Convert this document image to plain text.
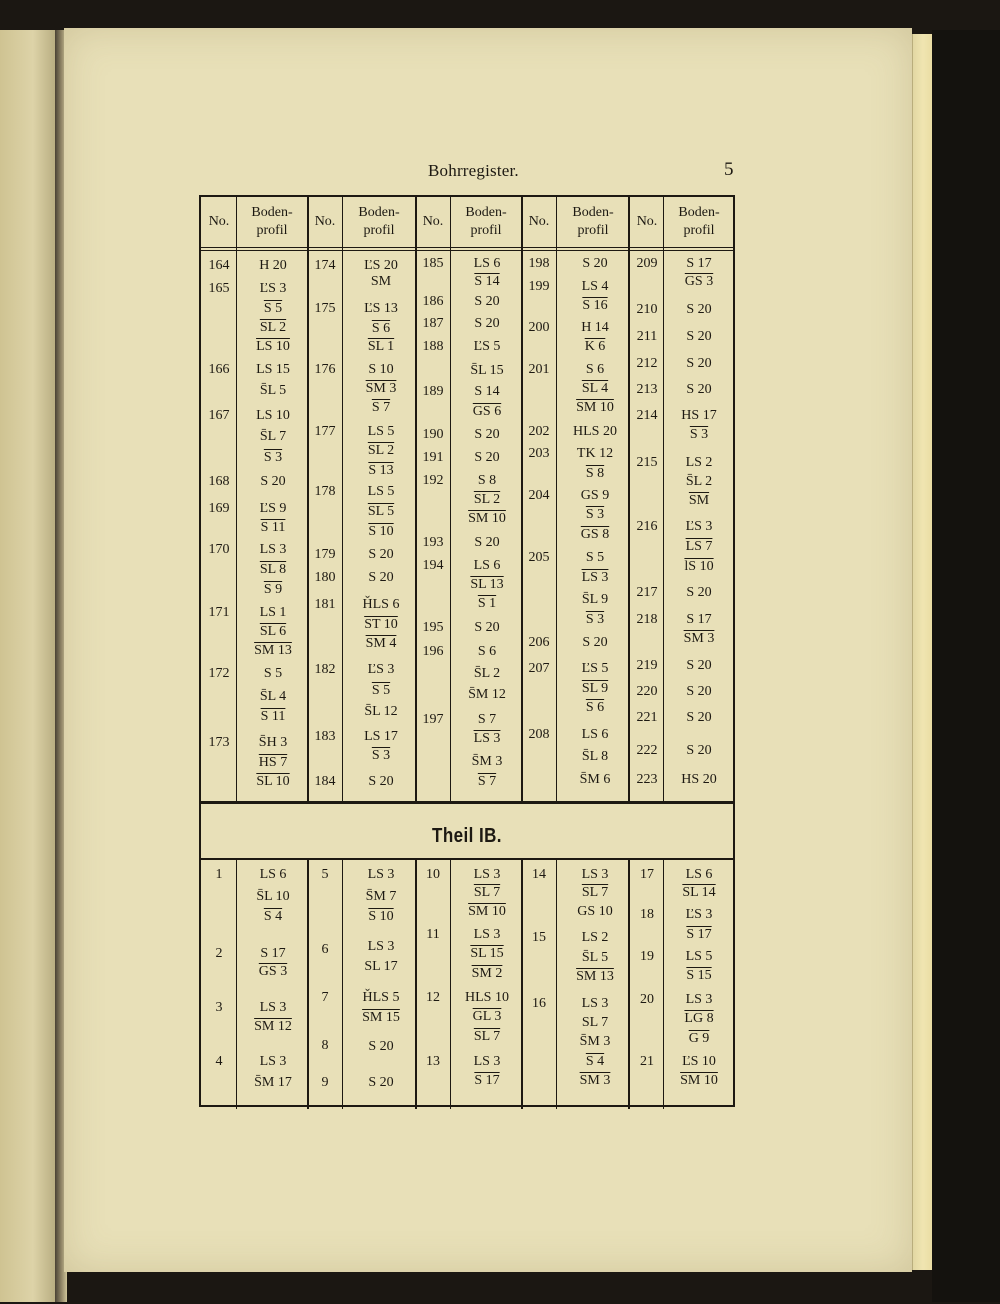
Bohrregister.	5
No.
Boden-
profil
No.
Boden-
profil
No.
Boden-
profil
No.
Boden-
profil
No.
Boden-
profil
Theil IB.
164
165
166
167
168
169
170
171
172
173
H 20
ĽS 3
S 5
SL 2
LS 10
LS 15
S̄L 5
LS 10
S̄L 7
S 3
S 20
ĽS 9
S 11
LS 3
SL 8
S 9
LS 1
SL 6
SM 13
S 5
S̄L 4
S 11
S̄H 3
HS 7
SL 10
174
175
176
177
178
179
180
181
182
183
184
ĽS 20
SM
ĽS 13
S 6
SL 1
S 10
SM 3
S 7
LS 5
SL 2
S 13
LS 5
SL 5
S 10
S 20
S 20
ȞLS 6
ST 10
SM 4
ĽS 3
S 5
S̄L 12
LS 17
S 3
S 20
185
186
187
188
189
190
191
192
193
194
195
196
197
LS 6
S 14
S 20
S 20
ĽS 5
S̄L 15
S 14
GS 6
S 20
S 20
S 8
SL 2
SM 10
S 20
LS 6
SL 13
S 1
S 20
S 6
S̄L 2
S̄M 12
S 7
LS 3
S̄M 3
S 7
198
199
200
201
202
203
204
205
206
207
208
S 20
LS 4
S 16
H 14
K 6
S 6
SL 4
SM 10
HLS 20
TK 12
S 8
GS 9
S 3
GS 8
S 5
LS 3
S̄L 9
S 3
S 20
ĽS 5
SL 9
S 6
LS 6
S̄L 8
S̄M 6
209
210
211
212
213
214
215
216
217
218
219
220
221
222
223
S 17
GS 3
S 20
S 20
S 20
S 20
HS 17
S 3
LS 2
S̄L 2
$\overline{SM}$
ĽS 3
LS 7
lS 10
S 20
S 17
SM 3
S 20
S 20
S 20
S 20
HS 20
1
2
3
4
LS 6
S̄L 10
S 4
S 17
GS 3
LS 3
SM 12
LS 3
S̄M 17
5
6
7
8
9
LS 3
S̄M 7
S 10
LS 3
SL 17
ȞLS 5
SM 15
S 20
S 20
10
11
12
13
LS 3
SL 7
SM 10
LS 3
SL 15
SM 2
HLS 10
GL 3
SL 7
LS 3
S 17
14
15
16
LS 3
SL 7
GS 10
LS 2
S̄L 5
SM 13
LS 3
SL 7
S̄M 3
S 4
SM 3
17
18
19
20
21
LS 6
SL 14
ĽS 3
S 17
LS 5
S 15
LS 3
LG 8
G 9
ĽS 10
SM 10
